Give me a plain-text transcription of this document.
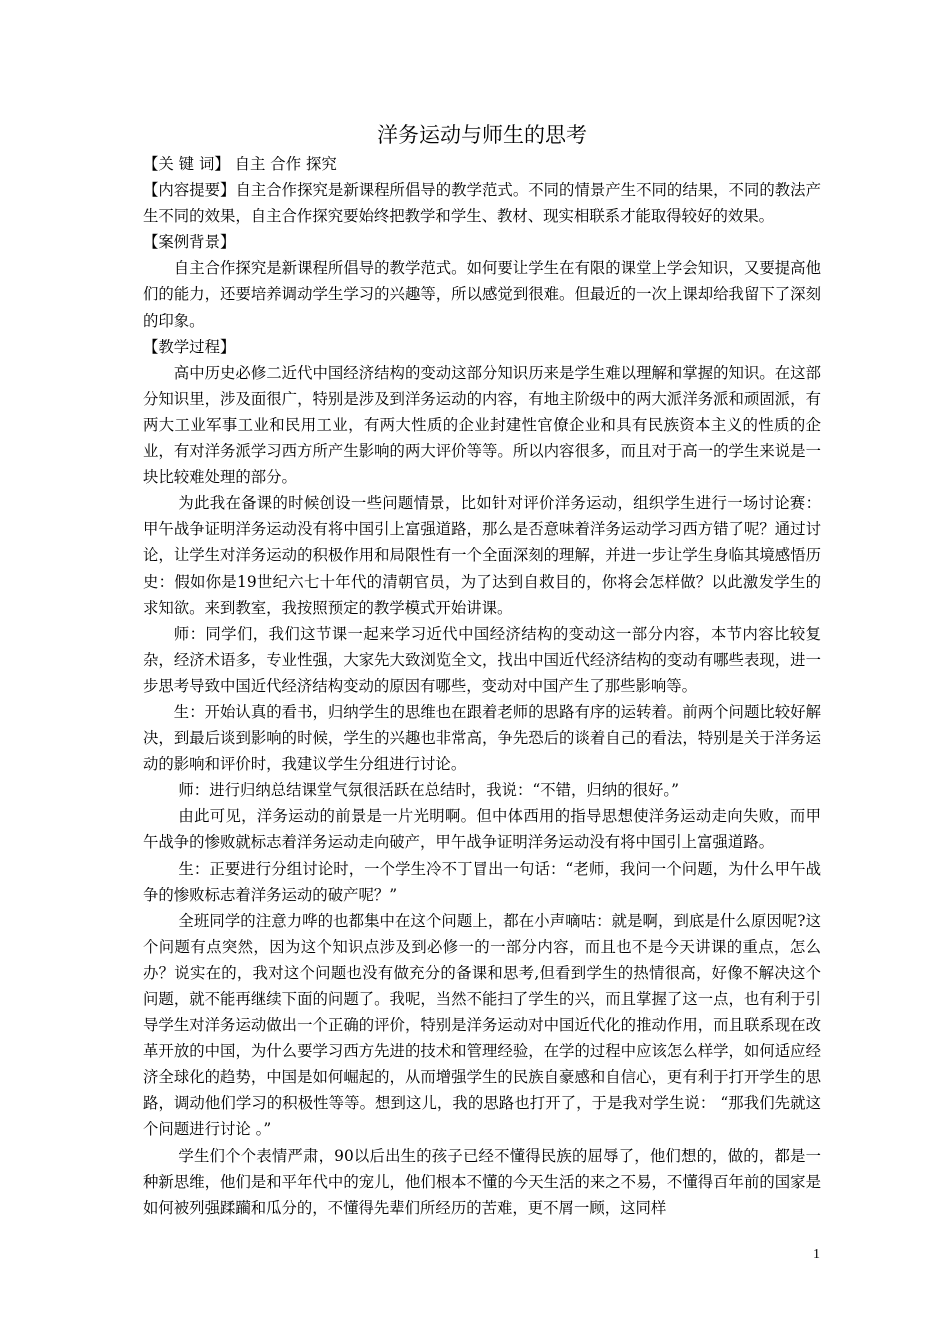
洋务运动与师生的思考

【关 键 词】 自主 合作 探究

【内容提要】自主合作探究是新课程所倡导的教学范式。不同的情景产生不同的结果，不同的教法产生不同的效果，自主合作探究要始终把教学和学生、教材、现实相联系才能取得较好的效果。

【案例背景】

自主合作探究是新课程所倡导的教学范式。如何要让学生在有限的课堂上学会知识，又要提高他们的能力，还要培养调动学生学习的兴趣等，所以感觉到很难。但最近的一次上课却给我留下了深刻的印象。

【教学过程】

高中历史必修二近代中国经济结构的变动这部分知识历来是学生难以理解和掌握的知识。在这部分知识里，涉及面很广，特别是涉及到洋务运动的内容，有地主阶级中的两大派洋务派和顽固派，有两大工业军事工业和民用工业，有两大性质的企业封建性官僚企业和具有民族资本主义的性质的企业，有对洋务派学习西方所产生影响的两大评价等等。所以内容很多，而且对于高一的学生来说是一块比较难处理的部分。

为此我在备课的时候创设一些问题情景，比如针对评价洋务运动，组织学生进行一场讨论赛：甲午战争证明洋务运动没有将中国引上富强道路，那么是否意味着洋务运动学习西方错了呢？通过讨论，让学生对洋务运动的积极作用和局限性有一个全面深刻的理解，并进一步让学生身临其境感悟历史：假如你是19世纪六七十年代的清朝官员，为了达到自救目的，你将会怎样做？以此激发学生的求知欲。来到教室，我按照预定的教学模式开始讲课。

师：同学们，我们这节课一起来学习近代中国经济结构的变动这一部分内容，本节内容比较复杂，经济术语多，专业性强，大家先大致浏览全文，找出中国近代经济结构的变动有哪些表现，进一步思考导致中国近代经济结构变动的原因有哪些，变动对中国产生了那些影响等。

生：开始认真的看书，归纳学生的思维也在跟着老师的思路有序的运转着。前两个问题比较好解决，到最后谈到影响的时候，学生的兴趣也非常高，争先恐后的谈着自己的看法，特别是关于洋务运动的影响和评价时，我建议学生分组进行讨论。

师：进行归纳总结课堂气氛很活跃在总结时，我说：“不错，归纳的很好。”

由此可见，洋务运动的前景是一片光明啊。但中体西用的指导思想使洋务运动走向失败，而甲午战争的惨败就标志着洋务运动走向破产，甲午战争证明洋务运动没有将中国引上富强道路。

生：正要进行分组讨论时，一个学生冷不丁冒出一句话：“老师，我问一个问题，为什么甲午战争的惨败标志着洋务运动的破产呢？”

全班同学的注意力哗的也都集中在这个问题上，都在小声嘀咕：就是啊，到底是什么原因呢?这个问题有点突然，因为这个知识点涉及到必修一的一部分内容，而且也不是今天讲课的重点，怎么办？说实在的，我对这个问题也没有做充分的备课和思考,但看到学生的热情很高，好像不解决这个问题，就不能再继续下面的问题了。我呢，当然不能扫了学生的兴，而且掌握了这一点，也有利于引导学生对洋务运动做出一个正确的评价，特别是洋务运动对中国近代化的推动作用，而且联系现在改革开放的中国，为什么要学习西方先进的技术和管理经验，在学的过程中应该怎么样学，如何适应经济全球化的趋势，中国是如何崛起的，从而增强学生的民族自豪感和自信心，更有利于打开学生的思路，调动他们学习的积极性等等。想到这儿，我的思路也打开了，于是我对学生说： “那我们先就这个问题进行讨论 。”

学生们个个表情严肃，90以后出生的孩子已经不懂得民族的屈辱了，他们想的，做的，都是一种新思维，他们是和平年代中的宠儿，他们根本不懂的今天生活的来之不易，不懂得百年前的国家是如何被列强蹂躏和瓜分的，不懂得先辈们所经历的苦难，更不屑一顾，这同样

1
